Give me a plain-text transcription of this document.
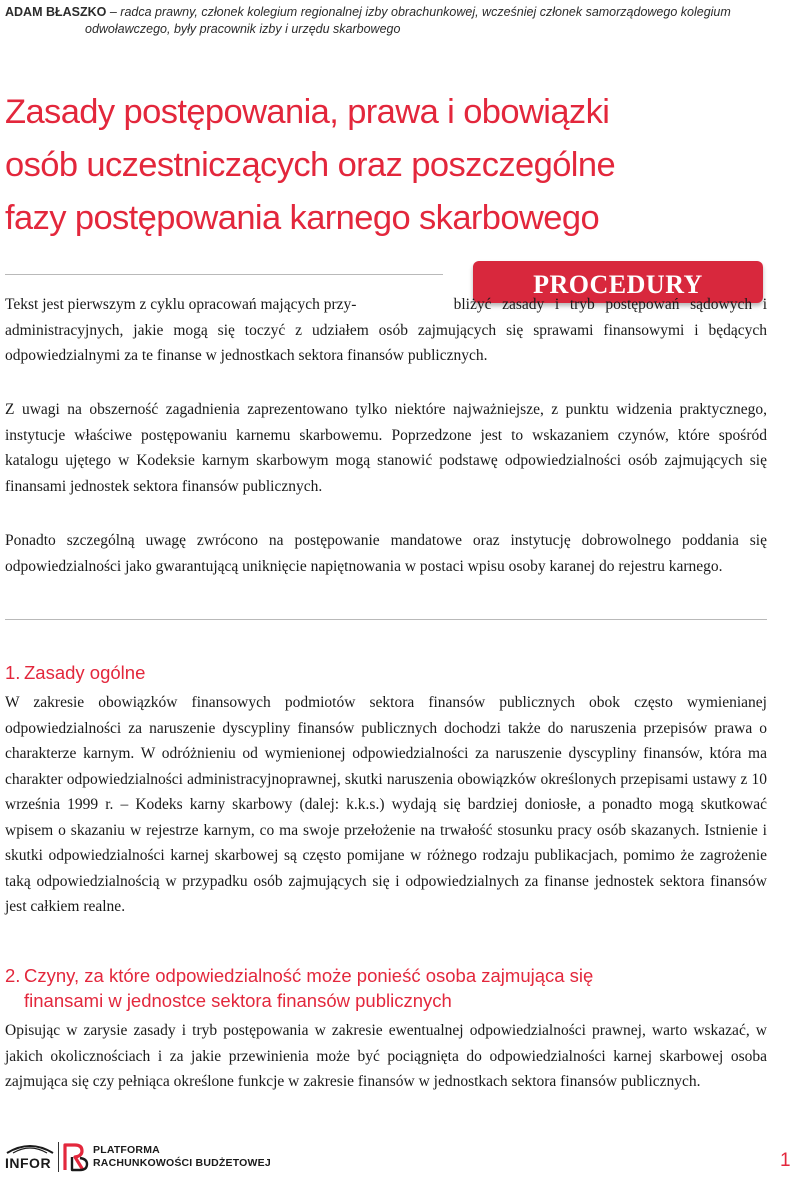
ADAM BŁASZKO – radca prawny, członek kolegium regionalnej izby obrachunkowej, wcześniej członek samorządowego kolegium
odwoławczego, były pracownik izby i urzędu skarbowego
Zasady postępowania, prawa i obowiązki
osób uczestniczących oraz poszczególne
fazy postępowania karnego skarbowego
PROCEDURY

Tekst jest pierwszym z cyklu opracowań mających przy-	bliżyć zasady i tryb postępowań sądowych i administracyjnych, jakie mogą się toczyć z udziałem osób zajmujących się sprawami finansowymi i będących odpowiedzialnymi za te finanse w jednostkach sektora finansów publicznych.

Z uwagi na obszerność zagadnienia zaprezentowano tylko niektóre najważniejsze, z punktu widzenia praktycznego, instytucje właściwe postępowaniu karnemu skarbowemu. Poprzedzone jest to wskazaniem czynów, które spośród katalogu ujętego w Kodeksie karnym skarbowym mogą stanowić podstawę odpowiedzialności osób zajmujących się finansami jednostek sektora finansów publicznych.

Ponadto szczególną uwagę zwrócono na postępowanie mandatowe oraz instytucję dobrowolnego poddania się odpowiedzialności jako gwarantującą uniknięcie napiętnowania w postaci wpisu osoby karanej do rejestru karnego.

1. Zasady ogólne

W zakresie obowiązków finansowych podmiotów sektora finansów publicznych obok często wymienianej odpowiedzialności za naruszenie dyscypliny finansów publicznych dochodzi także do naruszenia przepisów prawa o charakterze karnym. W odróżnieniu od wymienionej odpowiedzialności za naruszenie dyscypliny finansów, która ma charakter odpowiedzialności administracyjnoprawnej, skutki naruszenia obowiązków określonych przepisami ustawy z 10 września 1999 r. – Kodeks karny skarbowy (dalej: k.k.s.) wydają się bardziej doniosłe, a ponadto mogą skutkować wpisem o skazaniu w rejestrze karnym, co ma swoje przełożenie na trwałość stosunku pracy osób skazanych. Istnienie i skutki odpowiedzialności karnej skarbowej są często pomijane w różnego rodzaju publikacjach, pomimo że zagrożenie taką odpowiedzialnością w przypadku osób zajmujących się i odpowiedzialnych za finanse jednostek sektora finansów jest całkiem realne.

2. Czyny, za które odpowiedzialność może ponieść osoba zajmująca się
finansami w jednostce sektora finansów publicznych

Opisując w zarysie zasady i tryb postępowania w zakresie ewentualnej odpowiedzialności prawnej, warto wskazać, w jakich okolicznościach i za jakie przewinienia może być pociągnięta do odpowiedzialności karnej skarbowej osoba zajmująca się czy pełniąca określone funkcje w zakresie finansów w jednostkach sektora finansów publicznych.

INFOR
PLATFORMA
RACHUNKOWOŚCI BUDŻETOWEJ	1
